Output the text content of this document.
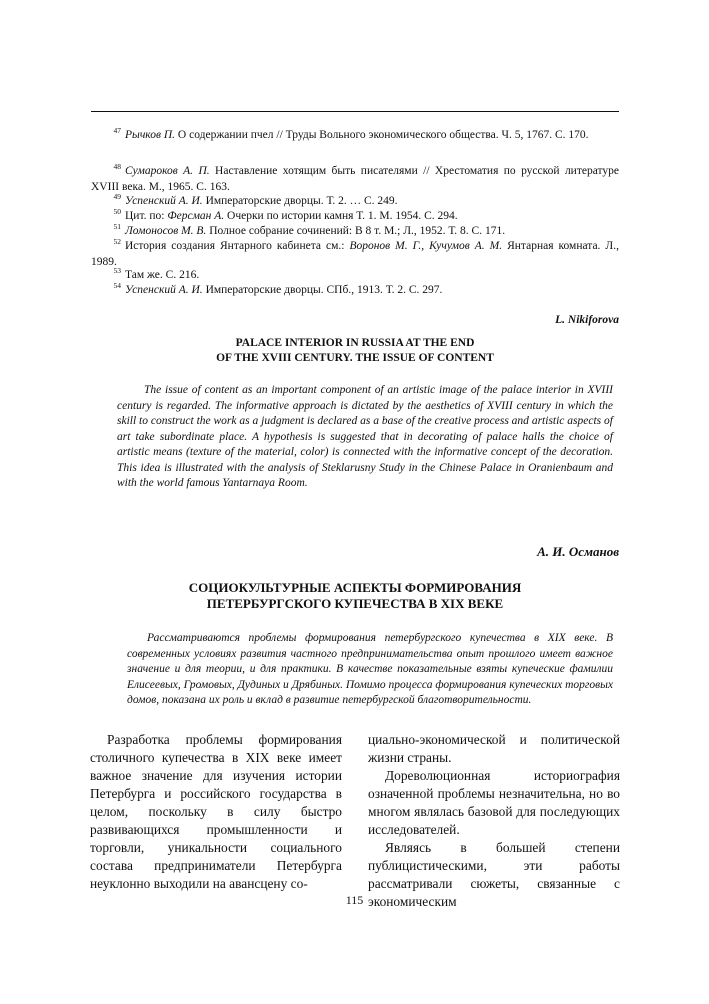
47 Рычков П. О содержании пчел // Труды Вольного экономического общества. Ч. 5, 1767. С. 170.
48 Сумароков А. П. Наставление хотящим быть писателями // Хрестоматия по русской литературе XVIII века. М., 1965. С. 163.
49 Успенский А. И. Императорские дворцы. Т. 2. … С. 249.
50 Цит. по: Ферсман А. Очерки по истории камня Т. 1. М. 1954. С. 294.
51 Ломоносов М. В. Полное собрание сочинений: В 8 т. М.; Л., 1952. Т. 8. С. 171.
52 История создания Янтарного кабинета см.: Воронов М. Г., Кучумов А. М. Янтарная комната. Л., 1989.
53 Там же. С. 216.
54 Успенский А. И. Императорские дворцы. СПб., 1913. Т. 2. С. 297.
L. Nikiforova
PALACE INTERIOR IN RUSSIA AT THE END
OF THE XVIII CENTURY. THE ISSUE OF CONTENT
The issue of content as an important component of an artistic image of the palace interior in XVIII century is regarded. The informative approach is dictated by the aesthetics of XVIII century in which the skill to construct the work as a judgment is declared as a base of the creative process and artistic aspects of art take subordinate place. A hypothesis is suggested that in decorating of palace halls the choice of artistic means (texture of the material, color) is connected with the informative concept of the decoration. This idea is illustrated with the analysis of Steklarusny Study in the Chinese Palace in Oranienbaum and with the world famous Yantarnaya Room.
А. И. Османов
СОЦИОКУЛЬТУРНЫЕ АСПЕКТЫ ФОРМИРОВАНИЯ
ПЕТЕРБУРГСКОГО КУПЕЧЕСТВА В XIX ВЕКЕ
Рассматриваются проблемы формирования петербургского купечества в XIX веке. В современных условиях развития частного предпринимательства опыт прошлого имеет важное значение и для теории, и для практики. В качестве показательные взяты купеческие фамилии Елисеевых, Громовых, Дудиных и Дрябиных. Помимо процесса формирования купеческих торговых домов, показана их роль и вклад в развитие петербургской благотворительности.

Разработка проблемы формирования столичного купечества в XIX веке имеет важное значение для изучения истории Петербурга и российского государства в целом, поскольку в силу быстро развивающихся промышленности и торговли, уникальности социального состава предприниматели Петербурга неуклонно выходили на авансцену со-

циально-экономической и политической жизни страны.

Дореволюционная историография означенной проблемы незначительна, но во многом являлась базовой для последующих исследователей.

Являясь в большей степени публицистическими, эти работы рассматривали сюжеты, связанные с экономическим

115
